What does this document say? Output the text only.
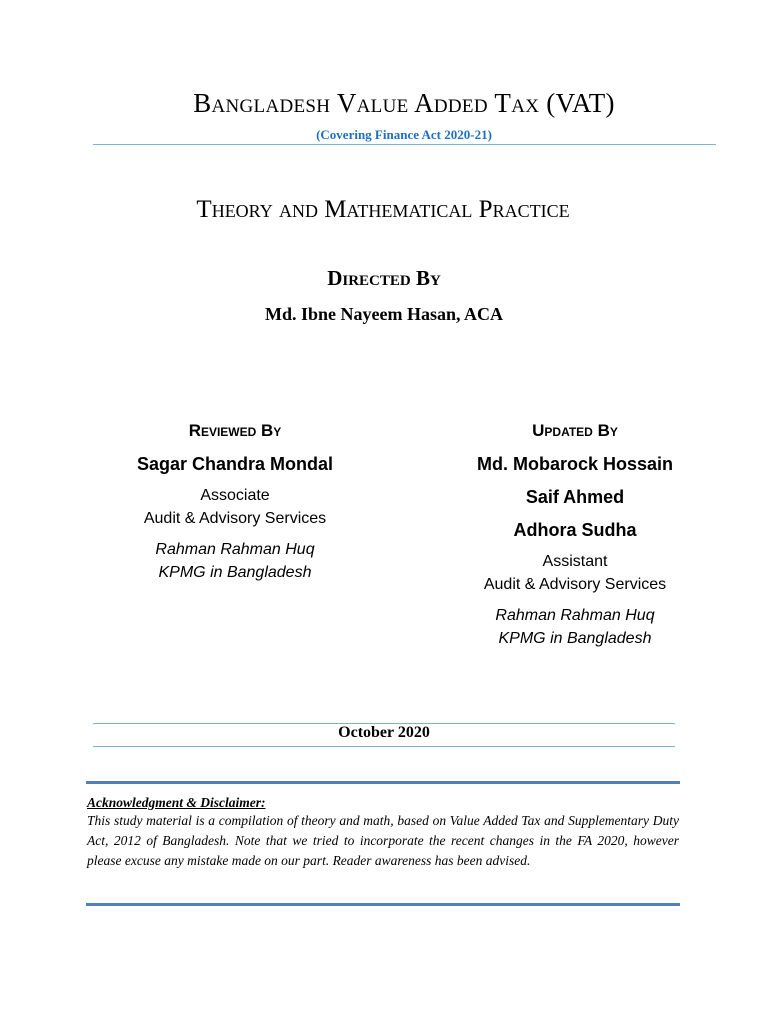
Bangladesh Value Added Tax (VAT)
(Covering Finance Act 2020-21)
Theory and Mathematical Practice
Directed By
Md. Ibne Nayeem Hasan, ACA
Reviewed By
Sagar Chandra Mondal
Associate
Audit & Advisory Services
Rahman Rahman Huq
KPMG in Bangladesh
Updated By
Md. Mobarock Hossain
Saif Ahmed
Adhora Sudha
Assistant
Audit & Advisory Services
Rahman Rahman Huq
KPMG in Bangladesh
October 2020
Acknowledgment & Disclaimer:
This study material is a compilation of theory and math, based on Value Added Tax and Supplementary Duty Act, 2012 of Bangladesh. Note that we tried to incorporate the recent changes in the FA 2020, however please excuse any mistake made on our part. Reader awareness has been advised.
